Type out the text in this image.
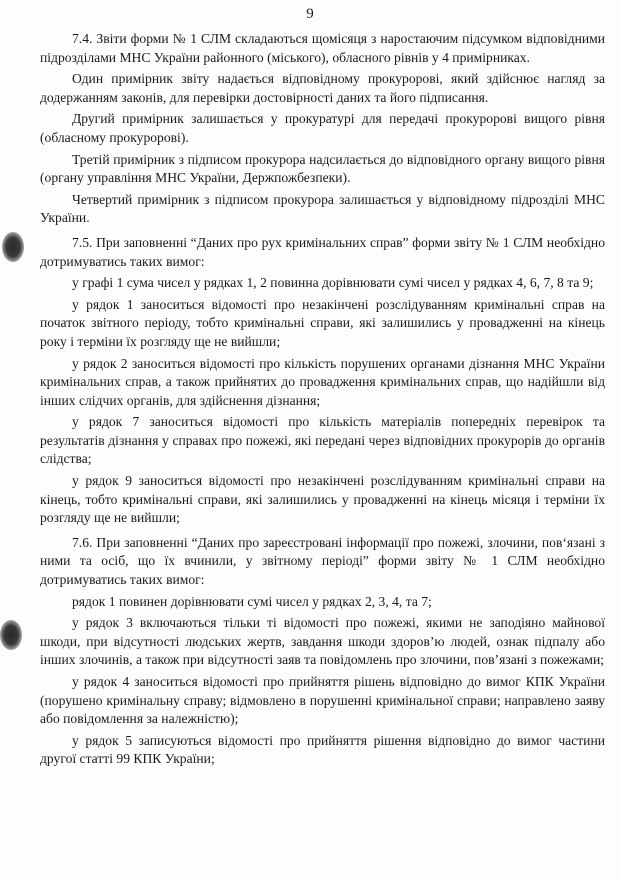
9

7.4. Звіти форми № 1 СЛМ складаються щомісяця з наростаючим підсумком відповідними підрозділами МНС України районного (міського), обласного рівнів у 4 примірниках.

Один примірник звіту надається відповідному прокуророві, який здійснює нагляд за додержанням законів, для перевірки достовірності даних та його підписання.

Другий примірник залишається у прокуратурі для передачі прокуророві вищого рівня (обласному прокуророві).

Третій примірник з підписом прокурора надсилається до відповідного органу вищого рівня (органу управління МНС України, Держпожбезпеки).

Четвертий примірник з підписом прокурора залишається у відповідному підрозділі МНС України.

7.5. При заповненні “Даних про рух кримінальних справ” форми звіту № 1 СЛМ необхідно дотримуватись таких вимог:

у графі 1 сума чисел у рядках 1, 2 повинна дорівнювати сумі чисел у рядках 4, 6, 7, 8 та 9;

у рядок 1 заноситься відомості про незакінчені розслідуванням кримінальні справ на початок звітного періоду, тобто кримінальні справи, які залишились у провадженні на кінець року і терміни їх розгляду ще не вийшли;

у рядок 2 заноситься відомості про кількість порушених органами дізнання МНС України кримінальних справ, а також прийнятих до провадження кримінальних справ, що надійшли від інших слідчих органів, для здійснення дізнання;

у рядок 7 заноситься відомості про кількість матеріалів попередніх перевірок та результатів дізнання у справах про пожежі, які передані через відповідних прокурорів до органів слідства;

у рядок 9 заноситься відомості про незакінчені розслідуванням кримінальні справи на кінець, тобто кримінальні справи, які залишились у провадженні на кінець місяця і терміни їх розгляду ще не вийшли;

7.6. При заповненні “Даних про зареєстровані інформації про пожежі, злочини, пов‘язані з ними та осіб, що їх вчинили, у звітному періоді” форми звіту № 1 СЛМ необхідно дотримуватись таких вимог:

рядок 1 повинен дорівнювати сумі чисел у рядках 2, 3, 4, та 7;

у рядок 3 включаються тільки ті відомості про пожежі, якими не заподіяно майнової шкоди, при відсутності людських жертв, завдання шкоди здоров’ю людей, ознак підпалу або інших злочинів, а також при відсутності заяв та повідомлень про злочини, пов’язані з пожежами;

у рядок 4 заноситься відомості про прийняття рішень відповідно до вимог КПК України (порушено кримінальну справу; відмовлено в порушенні кримінальної справи; направлено заяву або повідомлення за належністю);

у рядок 5 записуються відомості про прийняття рішення відповідно до вимог частини другої статті 99 КПК України;
